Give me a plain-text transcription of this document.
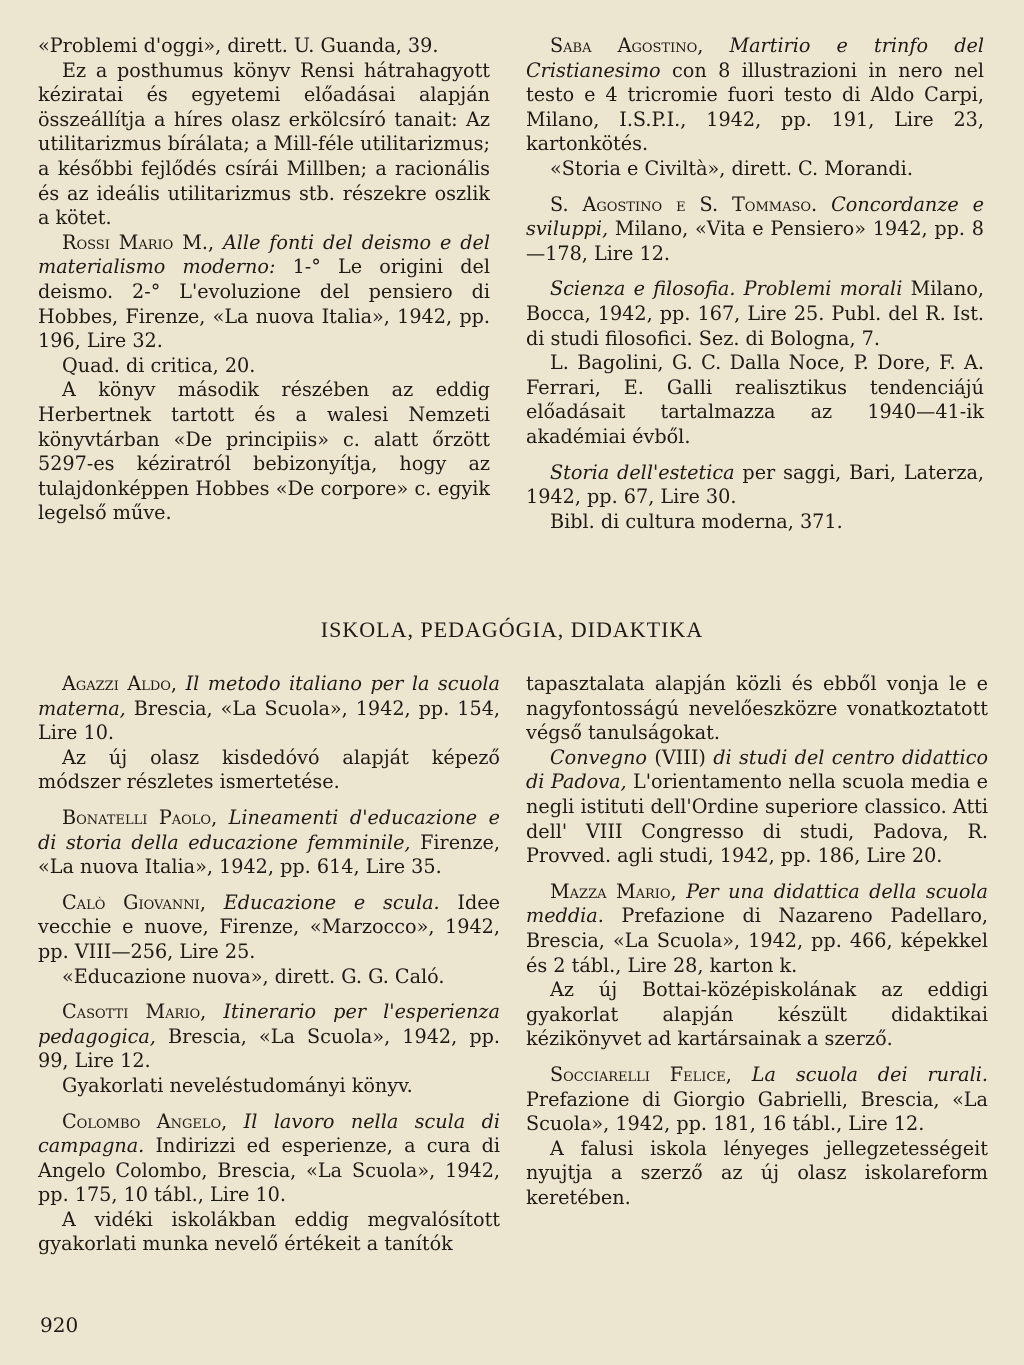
«Problemi d'oggi», dirett. U. Guanda, 39.

Ez a posthumus könyv Rensi hátrahagyott kéziratai és egyetemi előadásai alapján összeállítja a híres olasz erkölcsíró tanait: Az utilitarizmus bírálata; a Mill-féle utilitarizmus; a későbbi fejlődés csírái Millben; a racionális és az ideális utilitarizmus stb. részekre oszlik a kötet.

Rossi Mario M., Alle fonti del deismo e del materialismo moderno: 1-° Le origini del deismo. 2-° L'evoluzione del pensiero di Hobbes, Firenze, «La nuova Italia», 1942, pp. 196, Lire 32.

Quad. di critica, 20.

A könyv második részében az eddig Herbertnek tartott és a walesi Nemzeti könyvtárban «De principiis» c. alatt őrzött 5297-es kéziratról bebizonyítja, hogy az tulajdonképpen Hobbes «De corpore» c. egyik legelső műve.

Saba Agostino, Martirio e trinfo del Cristianesimo con 8 illustrazioni in nero nel testo e 4 tricromie fuori testo di Aldo Carpi, Milano, I.S.P.I., 1942, pp. 191, Lire 23, kartonkötés.

«Storia e Civiltà», dirett. C. Morandi.

S. Agostino e S. Tommaso. Concordanze e sviluppi, Milano, «Vita e Pensiero» 1942, pp. 8—178, Lire 12.

Scienza e filosofia. Problemi morali Milano, Bocca, 1942, pp. 167, Lire 25. Publ. del R. Ist. di studi filosofici. Sez. di Bologna, 7.

L. Bagolini, G. C. Dalla Noce, P. Dore, F. A. Ferrari, E. Galli realisztikus tendenciájú előadásait tartalmazza az 1940—41-ik akadémiai évből.

Storia dell'estetica per saggi, Bari, Laterza, 1942, pp. 67, Lire 30.

Bibl. di cultura moderna, 371.

ISKOLA, PEDAGÓGIA, DIDAKTIKA

Agazzi Aldo, Il metodo italiano per la scuola materna, Brescia, «La Scuola», 1942, pp. 154, Lire 10.

Az új olasz kisdedóvó alapját képező módszer részletes ismertetése.

Bonatelli Paolo, Lineamenti d'educazione e di storia della educazione femminile, Firenze, «La nuova Italia», 1942, pp. 614, Lire 35.

Calò Giovanni, Educazione e scula. Idee vecchie e nuove, Firenze, «Marzocco», 1942, pp. VIII—256, Lire 25.

«Educazione nuova», dirett. G. G. Caló.

Casotti Mario, Itinerario per l'esperienza pedagogica, Brescia, «La Scuola», 1942, pp. 99, Lire 12.

Gyakorlati neveléstudományi könyv.

Colombo Angelo, Il lavoro nella scula di campagna. Indirizzi ed esperienze, a cura di Angelo Colombo, Brescia, «La Scuola», 1942, pp. 175, 10 tábl., Lire 10.

A vidéki iskolákban eddig megvalósított gyakorlati munka nevelő értékeit a tanítók

tapasztalata alapján közli és ebből vonja le e nagyfontosságú nevelőeszközre vonatkoztatott végső tanulságokat.

Convegno (VIII) di studi del centro didattico di Padova, L'orientamento nella scuola media e negli istituti dell'Ordine superiore classico. Atti dell' VIII Congresso di studi, Padova, R. Provved. agli studi, 1942, pp. 186, Lire 20.

Mazza Mario, Per una didattica della scuola meddia. Prefazione di Nazareno Padellaro, Brescia, «La Scuola», 1942, pp. 466, képekkel és 2 tábl., Lire 28, karton k.

Az új Bottai-középiskolának az eddigi gyakorlat alapján készült didaktikai kézikönyvet ad kartársainak a szerző.

Socciarelli Felice, La scuola dei rurali. Prefazione di Giorgio Gabrielli, Brescia, «La Scuola», 1942, pp. 181, 16 tábl., Lire 12.

A falusi iskola lényeges jellegzetességeit nyujtja a szerző az új olasz iskolareform keretében.

920
